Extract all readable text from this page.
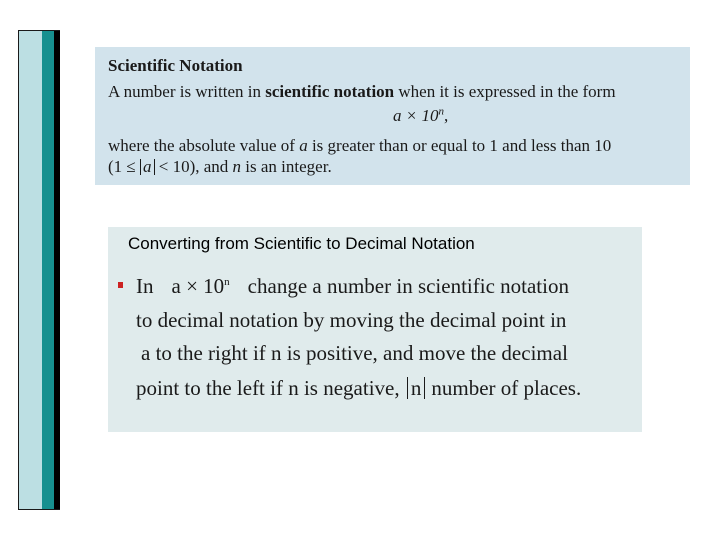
Scientific Notation
A number is written in scientific notation when it is expressed in the form
$a \times 10^n$,
where the absolute value of a is greater than or equal to 1 and less than 10
(1 ≤ a < 10), and n is an integer.
Converting from Scientific to Decimal Notation
In $a \times 10^n$ change a number in scientific notation
to decimal notation by moving the decimal point in
a to the right if n is positive, and move the decimal
point to the left if n is negative, n number of places.
